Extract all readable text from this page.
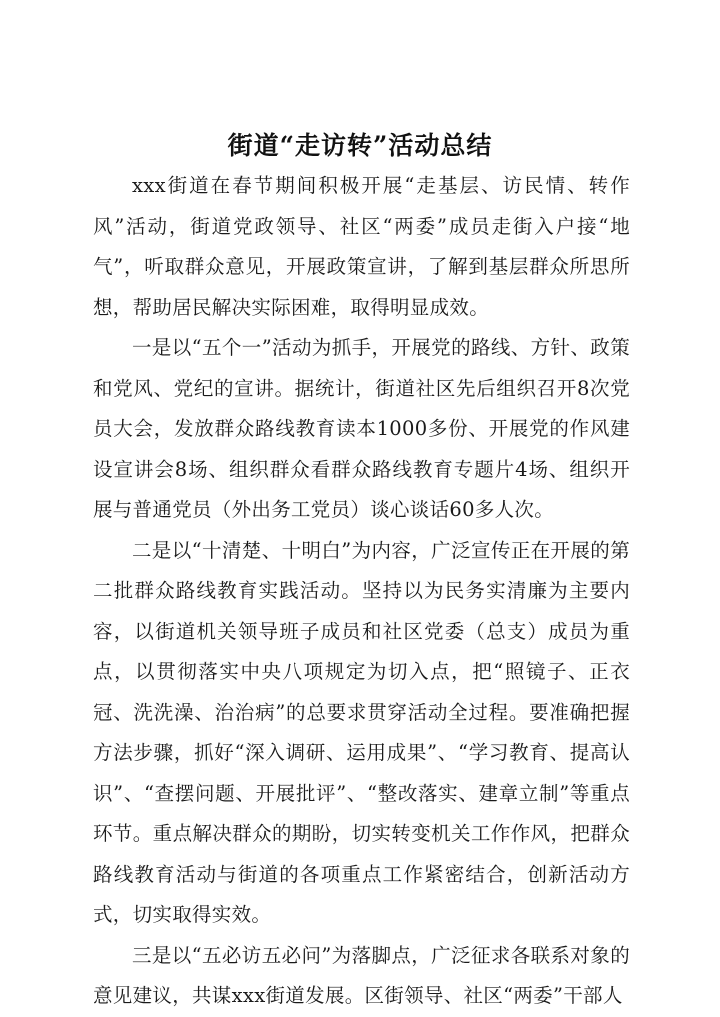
街道“走访转”活动总结

xxx街道在春节期间积极开展“走基层、访民情、转作风”活动，街道党政领导、社区“两委”成员走街入户接“地气”，听取群众意见，开展政策宣讲，了解到基层群众所思所想，帮助居民解决实际困难，取得明显成效。

一是以“五个一”活动为抓手，开展党的路线、方针、政策和党风、党纪的宣讲。据统计，街道社区先后组织召开8次党员大会，发放群众路线教育读本1000多份、开展党的作风建设宣讲会8场、组织群众看群众路线教育专题片4场、组织开展与普通党员（外出务工党员）谈心谈话60多人次。

二是以“十清楚、十明白”为内容，广泛宣传正在开展的第二批群众路线教育实践活动。坚持以为民务实清廉为主要内容，以街道机关领导班子成员和社区党委（总支）成员为重点，以贯彻落实中央八项规定为切入点，把“照镜子、正衣冠、洗洗澡、治治病”的总要求贯穿活动全过程。要准确把握方法步骤，抓好“深入调研、运用成果”、“学习教育、提高认识”、“查摆问题、开展批评”、“整改落实、建章立制”等重点环节。重点解决群众的期盼，切实转变机关工作作风，把群众路线教育活动与街道的各项重点工作紧密结合，创新活动方式，切实取得实效。

三是以“五必访五必问”为落脚点，广泛征求各联系对象的意见建议，共谋xxx街道发展。区街领导、社区“两委”干部人
